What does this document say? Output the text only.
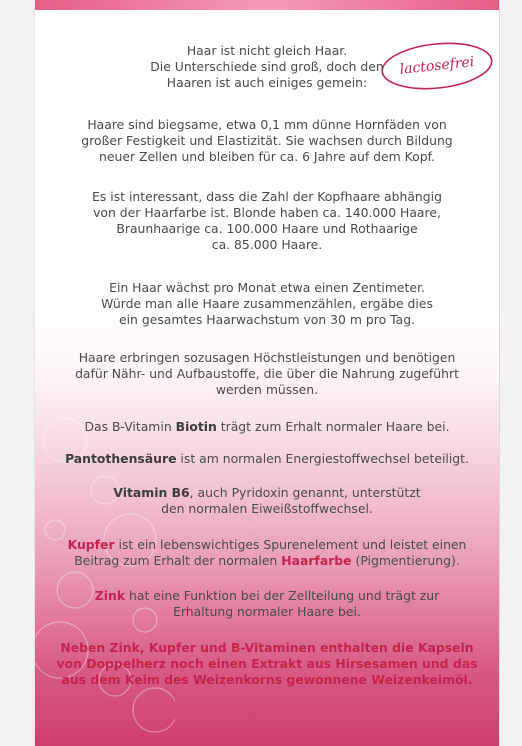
lactosefrei
Haar ist nicht gleich Haar.
Die Unterschiede sind groß, doch den
Haaren ist auch einiges gemein:
Haare sind biegsame, etwa 0,1 mm dünne Hornfäden von
großer Festigkeit und Elastizität. Sie wachsen durch Bildung
neuer Zellen und bleiben für ca. 6 Jahre auf dem Kopf.
Es ist interessant, dass die Zahl der Kopfhaare abhängig
von der Haarfarbe ist. Blonde haben ca. 140.000 Haare,
Braunhaarige ca. 100.000 Haare und Rothaarige
ca. 85.000 Haare.
Ein Haar wächst pro Monat etwa einen Zentimeter.
Würde man alle Haare zusammenzählen, ergäbe dies
ein gesamtes Haarwachstum von 30 m pro Tag.
Haare erbringen sozusagen Höchstleistungen und benötigen
dafür Nähr- und Aufbaustoffe, die über die Nahrung zugeführt
werden müssen.
Das B-Vitamin Biotin trägt zum Erhalt normaler Haare bei.
Pantothensäure ist am normalen Energiestoffwechsel beteiligt.
Vitamin B6, auch Pyridoxin genannt, unterstützt
den normalen Eiweißstoffwechsel.
Kupfer ist ein lebenswichtiges Spurenelement und leistet einen
Beitrag zum Erhalt der normalen Haarfarbe (Pigmentierung).
Zink hat eine Funktion bei der Zellteilung und trägt zur
Erhaltung normaler Haare bei.
Neben Zink, Kupfer und B-Vitaminen enthalten die Kapseln
von Doppelherz noch einen Extrakt aus Hirsesamen und das
aus dem Keim des Weizenkorns gewonnene Weizenkeimöl.
